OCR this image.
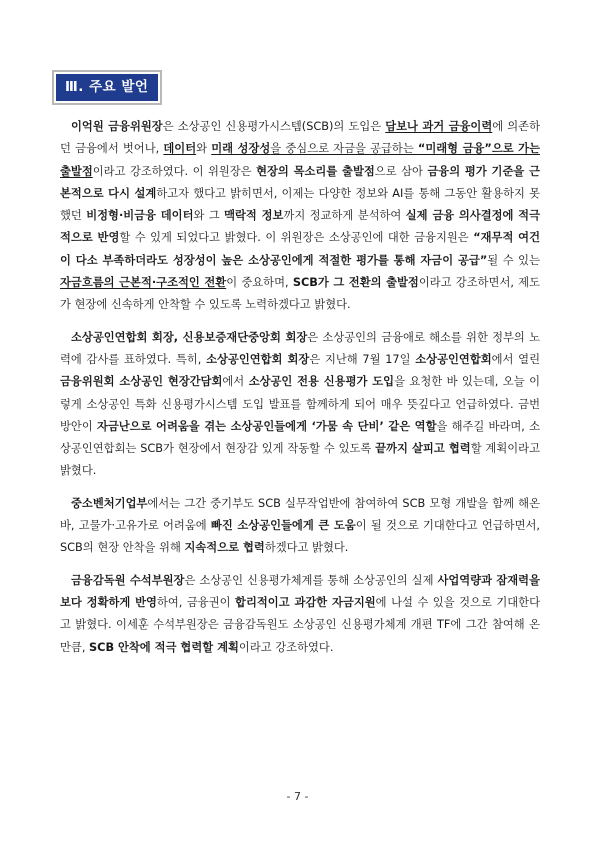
Ⅲ. 주요 발언

이억원 금융위원장은 소상공인 신용평가시스템(SCB)의 도입은 담보나 과거 금융이력에 의존하던 금융에서 벗어나, 데이터와 미래 성장성을 중심으로 자금을 공급하는 “미래형 금융”으로 가는 출발점이라고 강조하였다. 이 위원장은 현장의 목소리를 출발점으로 삼아 금융의 평가 기준을 근본적으로 다시 설계하고자 했다고 밝히면서, 이제는 다양한 정보와 AI를 통해 그동안 활용하지 못했던 비정형·비금융 데이터와 그 맥락적 정보까지 정교하게 분석하여 실제 금융 의사결정에 적극적으로 반영할 수 있게 되었다고 밝혔다. 이 위원장은 소상공인에 대한 금융지원은 “재무적 여건이 다소 부족하더라도 성장성이 높은 소상공인에게 적절한 평가를 통해 자금이 공급”될 수 있는 자금흐름의 근본적·구조적인 전환이 중요하며, SCB가 그 전환의 출발점이라고 강조하면서, 제도가 현장에 신속하게 안착할 수 있도록 노력하겠다고 밝혔다.

소상공인연합회 회장, 신용보증재단중앙회 회장은 소상공인의 금융애로 해소를 위한 정부의 노력에 감사를 표하였다. 특히, 소상공인연합회 회장은 지난해 7월 17일 소상공인연합회에서 열린 금융위원회 소상공인 현장간담회에서 소상공인 전용 신용평가 도입을 요청한 바 있는데, 오늘 이렇게 소상공인 특화 신용평가시스템 도입 발표를 함께하게 되어 매우 뜻깊다고 언급하였다. 금번 방안이 자금난으로 어려움을 겪는 소상공인들에게 ‘가뭄 속 단비’ 같은 역할을 해주길 바라며, 소상공인연합회는 SCB가 현장에서 현장감 있게 작동할 수 있도록 끝까지 살피고 협력할 계획이라고 밝혔다.

중소벤처기업부에서는 그간 중기부도 SCB 실무작업반에 참여하여 SCB 모형 개발을 함께 해온 바, 고물가·고유가로 어려움에 빠진 소상공인들에게 큰 도움이 될 것으로 기대한다고 언급하면서, SCB의 현장 안착을 위해 지속적으로 협력하겠다고 밝혔다.

금융감독원 수석부원장은 소상공인 신용평가체계를 통해 소상공인의 실제 사업역량과 잠재력을 보다 정확하게 반영하여, 금융권이 합리적이고 과감한 자금지원에 나설 수 있을 것으로 기대한다고 밝혔다. 이세훈 수석부원장은 금융감독원도 소상공인 신용평가체계 개편 TF에 그간 참여해 온 만큼, SCB 안착에 적극 협력할 계획이라고 강조하였다.

- 7 -
